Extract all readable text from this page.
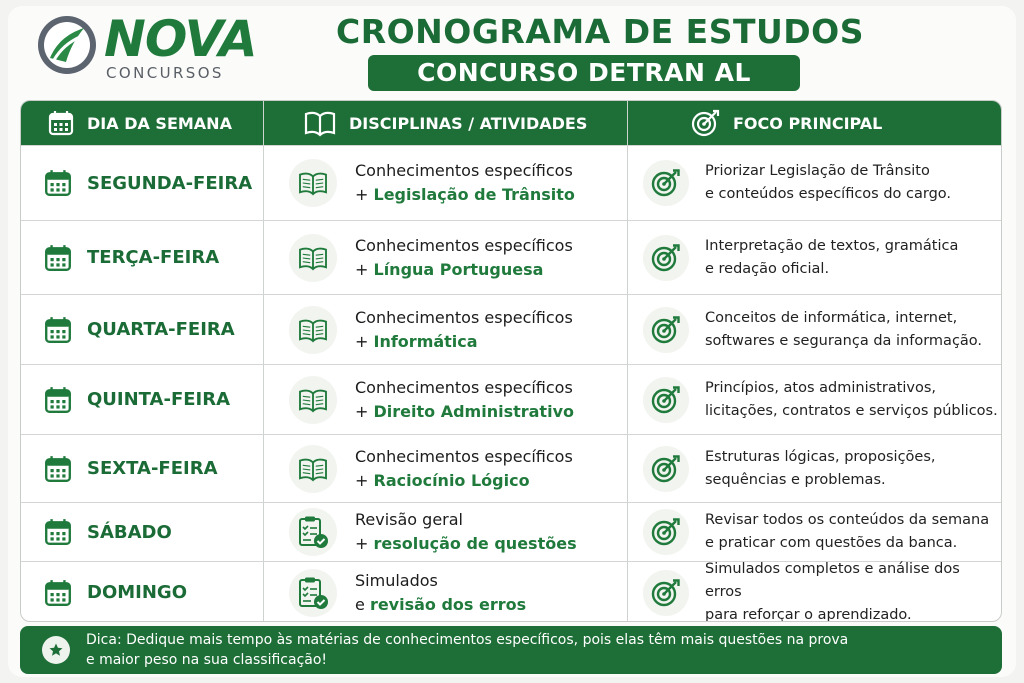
NOVA
CONCURSOS
CRONOGRAMA DE ESTUDOS
CONCURSO DETRAN AL
DIA DA SEMANA	DISCIPLINAS / ATIVIDADES	FOCO PRINCIPAL
SEGUNDA-FEIRA
Conhecimentos específicos
+ Legislação de Trânsito
Priorizar Legislação de Trânsito
e conteúdos específicos do cargo.
TERÇA-FEIRA
Conhecimentos específicos
+ Língua Portuguesa
Interpretação de textos, gramática
e redação oficial.
QUARTA-FEIRA
Conhecimentos específicos
+ Informática
Conceitos de informática, internet,
softwares e segurança da informação.
QUINTA-FEIRA
Conhecimentos específicos
+ Direito Administrativo
Princípios, atos administrativos,
licitações, contratos e serviços públicos.
SEXTA-FEIRA
Conhecimentos específicos
+ Raciocínio Lógico
Estruturas lógicas, proposições,
sequências e problemas.
SÁBADO
Revisão geral
+ resolução de questões
Revisar todos os conteúdos da semana
e praticar com questões da banca.
DOMINGO
Simulados
e revisão dos erros
Simulados completos e análise dos erros
para reforçar o aprendizado.
Dica: Dedique mais tempo às matérias de conhecimentos específicos, pois elas têm mais questões na prova
e maior peso na sua classificação!
